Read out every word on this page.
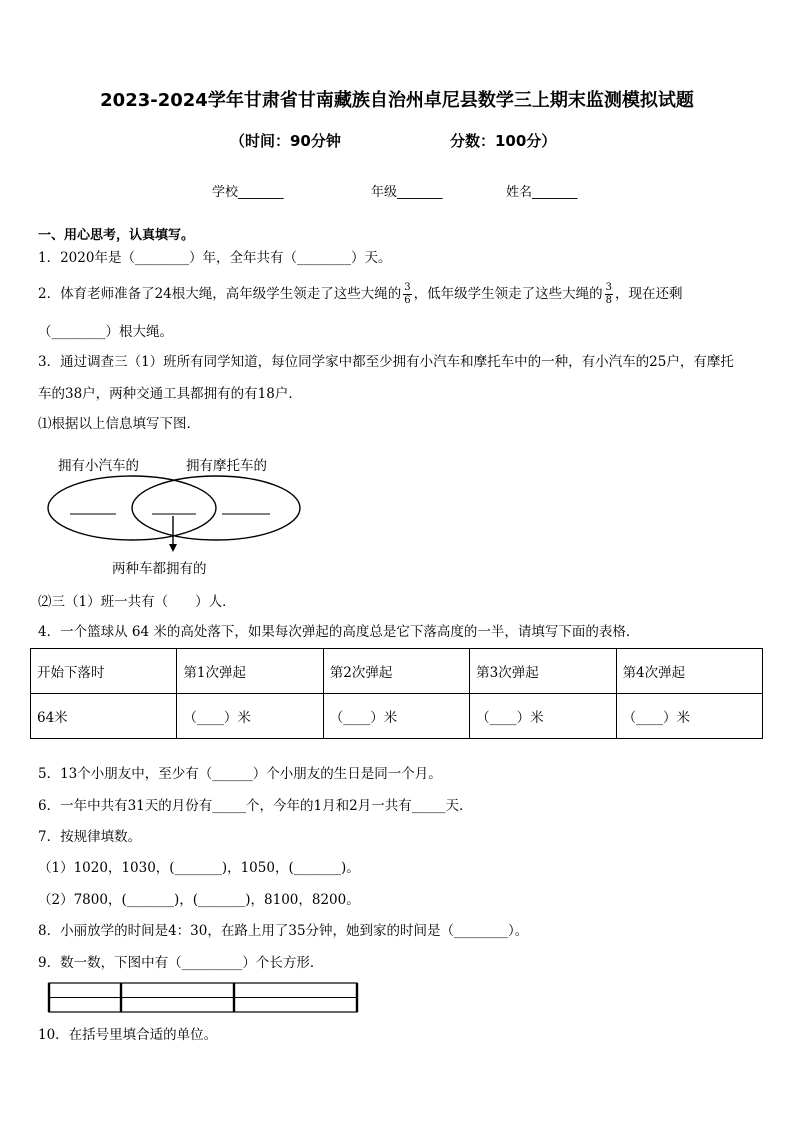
2023-2024学年甘肃省甘南藏族自治州卓尼县数学三上期末监测模拟试题
（时间：90分钟	分数：100分）
学校_______	年级_______	姓名_______
一、用心思考，认真填写。
1．2020年是（________）年，全年共有（________）天。
2．体育老师准备了24根大绳，高年级学生领走了这些大绳的 $\frac{3}{6}$ ，低年级学生领走了这些大绳的 $\frac{3}{8}$ ，现在还剩
（________）根大绳。
3．通过调查三（1）班所有同学知道，每位同学家中都至少拥有小汽车和摩托车中的一种，有小汽车的25户，有摩托
车的38户，两种交通工具都拥有的有18户．
⑴根据以上信息填写下图．
拥有小汽车的	拥有摩托车的
两种车都拥有的
⑵三（1）班一共有（　　）人．
4．一个篮球从 64 米的高处落下，如果每次弹起的高度总是它下落高度的一半，请填写下面的表格．
开始下落时	第1次弹起	第2次弹起	第3次弹起	第4次弹起
64米	（____）米	（____）米	（____）米	（____）米
5．13个小朋友中，至少有（______）个小朋友的生日是同一个月。
6．一年中共有31天的月份有_____个，今年的1月和2月一共有_____天．
7．按规律填数。
（1）1020，1030，(_______)，1050，(_______)。
（2）7800，(_______)，(_______)，8100，8200。
8．小丽放学的时间是4：30，在路上用了35分钟，她到家的时间是（________）。
9．数一数，下图中有（_________）个长方形．
10．在括号里填合适的单位。
